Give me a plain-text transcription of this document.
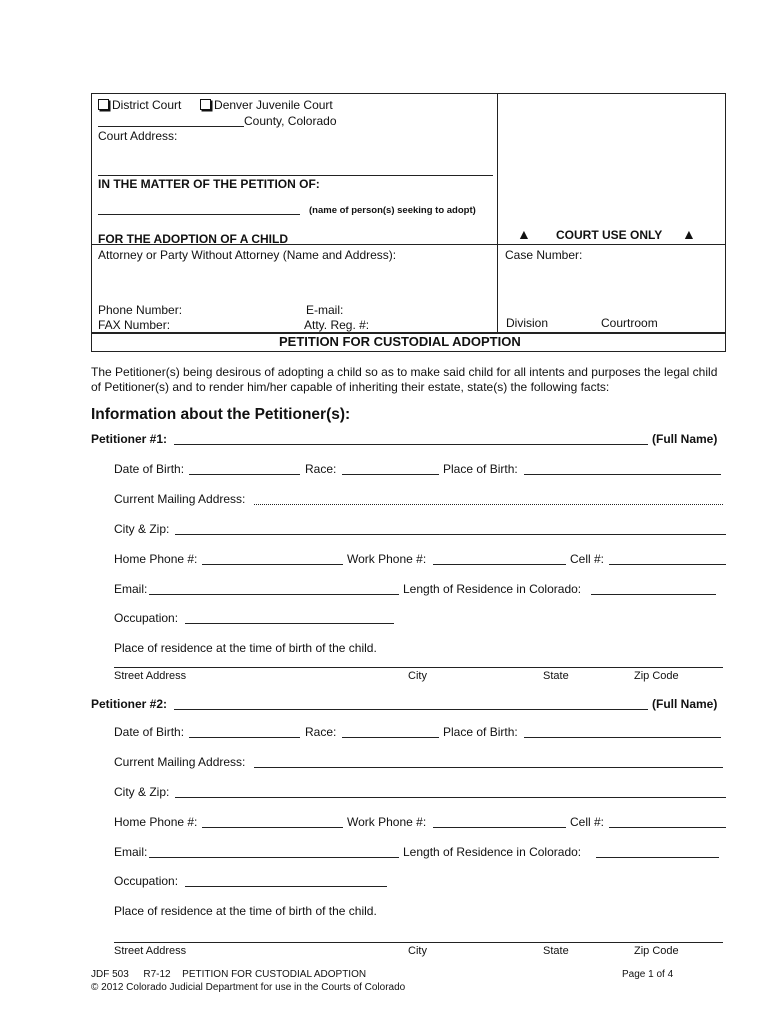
District Court	Denver Juvenile Court
County, Colorado
Court Address:
IN THE MATTER OF THE PETITION OF:
(name of person(s) seeking to adopt)
FOR THE ADOPTION OF A CHILD	▲ COURT USE ONLY ▲
Attorney or Party Without Attorney (Name and Address):	Case Number:
Phone Number:	E-mail:
FAX Number:	Atty. Reg. #:	Division	Courtroom
PETITION FOR CUSTODIAL ADOPTION
The Petitioner(s) being desirous of adopting a child so as to make said child for all intents and purposes the legal child of Petitioner(s) and to render him/her capable of inheriting their estate, state(s) the following facts:
Information about the Petitioner(s):
Petitioner #1:	(Full Name)
Date of Birth:	Race:	Place of Birth:
Current Mailing Address:
City & Zip:
Home Phone #:	Work Phone #:	Cell #:
Email:	Length of Residence in Colorado:
Occupation:
Place of residence at the time of birth of the child.
Street Address	City	State	Zip Code
Petitioner #2:	(Full Name)
Date of Birth:	Race:	Place of Birth:
Current Mailing Address:
City & Zip:
Home Phone #:	Work Phone #:	Cell #:
Email:	Length of Residence in Colorado:
Occupation:
Place of residence at the time of birth of the child.
Street Address	City	State	Zip Code
JDF 503 R7-12 PETITION FOR CUSTODIAL ADOPTION	Page 1 of 4
© 2012 Colorado Judicial Department for use in the Courts of Colorado
